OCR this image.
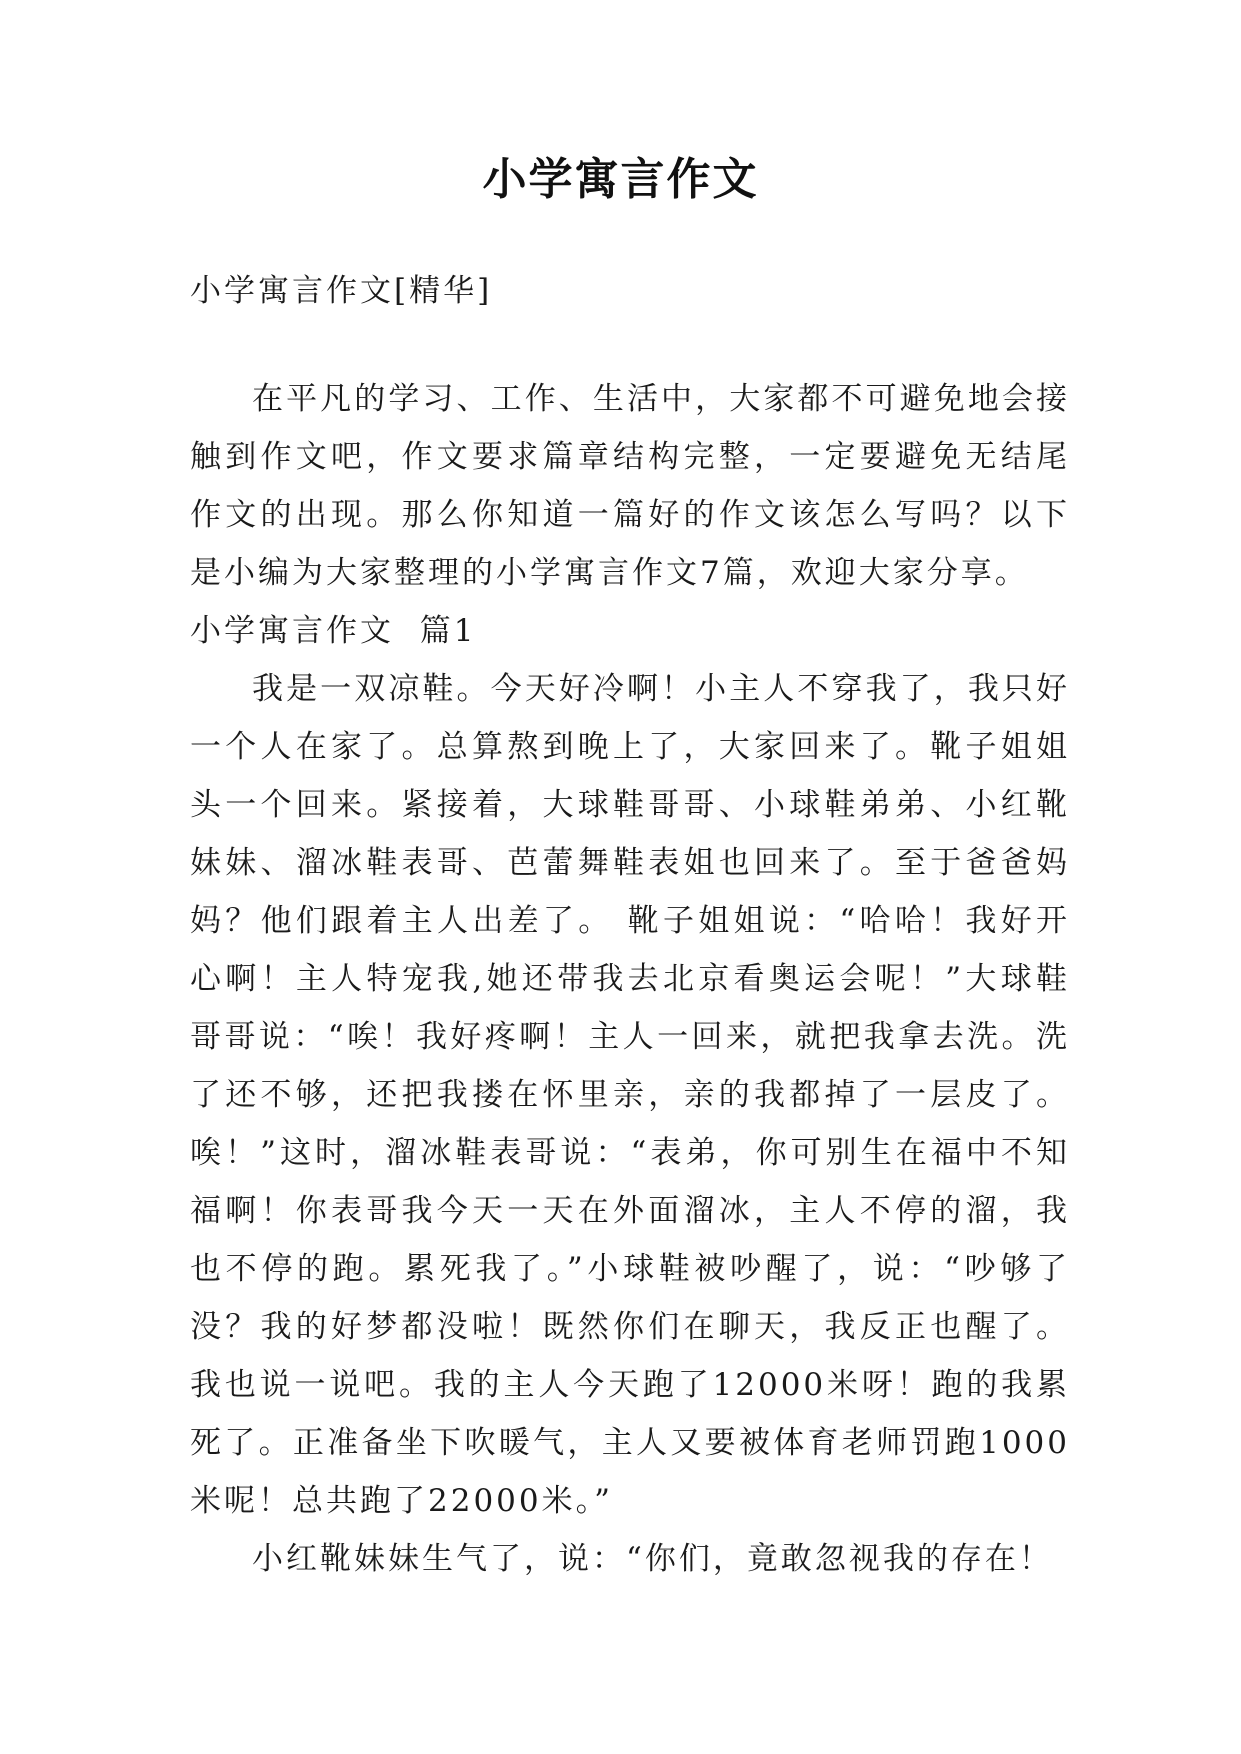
小学寓言作文

小学寓言作文[精华]

在平凡的学习、工作、生活中，大家都不可避免地会接触到作文吧，作文要求篇章结构完整，一定要避免无结尾作文的出现。那么你知道一篇好的作文该怎么写吗？以下是小编为大家整理的小学寓言作文7篇，欢迎大家分享。

小学寓言作文  篇1

我是一双凉鞋。今天好冷啊！小主人不穿我了，我只好一个人在家了。总算熬到晚上了，大家回来了。靴子姐姐头一个回来。紧接着，大球鞋哥哥、小球鞋弟弟、小红靴妹妹、溜冰鞋表哥、芭蕾舞鞋表姐也回来了。至于爸爸妈妈？他们跟着主人出差了。 靴子姐姐说：“哈哈！我好开心啊！主人特宠我,她还带我去北京看奥运会呢！”大球鞋哥哥说：“唉！我好疼啊！主人一回来，就把我拿去洗。洗了还不够，还把我搂在怀里亲，亲的我都掉了一层皮了。唉！”这时，溜冰鞋表哥说：“表弟，你可别生在福中不知福啊！你表哥我今天一天在外面溜冰，主人不停的溜，我也不停的跑。累死我了。”小球鞋被吵醒了，说：“吵够了没？我的好梦都没啦！既然你们在聊天，我反正也醒了。我也说一说吧。我的主人今天跑了12000米呀！跑的我累死了。正准备坐下吹暖气，主人又要被体育老师罚跑1000米呢！总共跑了22000米。”

小红靴妹妹生气了，说：“你们，竟敢忽视我的存在！
